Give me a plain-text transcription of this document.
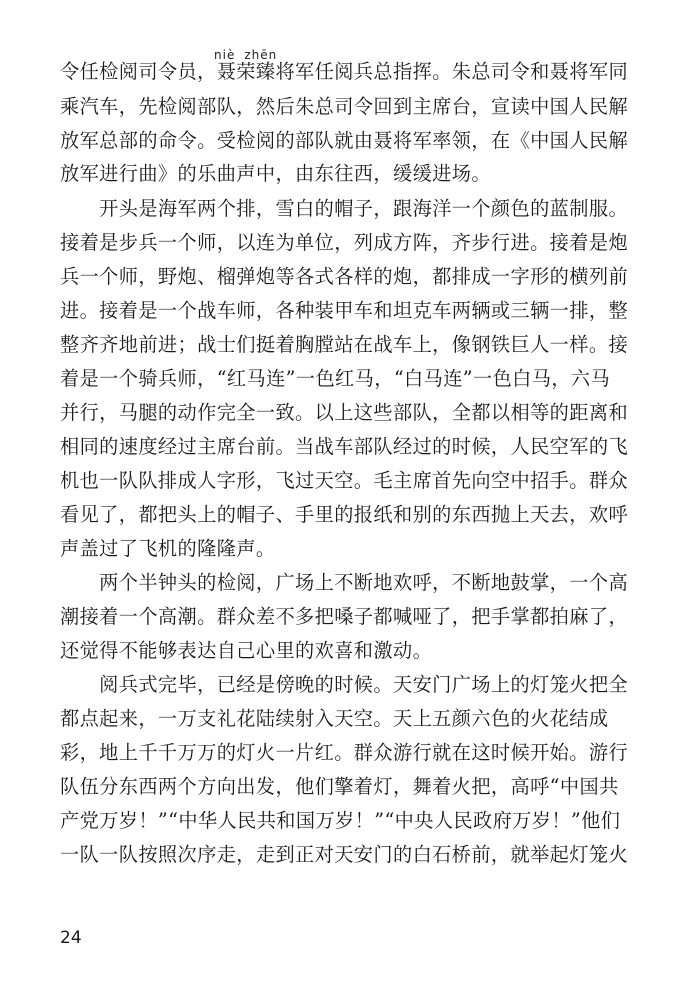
niè zhēn
令任检阅司令员，聂荣臻将军任阅兵总指挥。朱总司令和聂将军同
乘汽车，先检阅部队，然后朱总司令回到主席台，宣读中国人民解
放军总部的命令。受检阅的部队就由聂将军率领，在《中国人民解
放军进行曲》的乐曲声中，由东往西，缓缓进场。
　　开头是海军两个排，雪白的帽子，跟海洋一个颜色的蓝制服。
接着是步兵一个师，以连为单位，列成方阵，齐步行进。接着是炮
兵一个师，野炮、榴弹炮等各式各样的炮，都排成一字形的横列前
进。接着是一个战车师，各种装甲车和坦克车两辆或三辆一排，整
整齐齐地前进；战士们挺着胸膛站在战车上，像钢铁巨人一样。接
着是一个骑兵师，“红马连”一色红马，“白马连”一色白马，六马
并行，马腿的动作完全一致。以上这些部队，全都以相等的距离和
相同的速度经过主席台前。当战车部队经过的时候，人民空军的飞
机也一队队排成人字形，飞过天空。毛主席首先向空中招手。群众
看见了，都把头上的帽子、手里的报纸和别的东西抛上天去，欢呼
声盖过了飞机的隆隆声。
　　两个半钟头的检阅，广场上不断地欢呼，不断地鼓掌，一个高
潮接着一个高潮。群众差不多把嗓子都喊哑了，把手掌都拍麻了，
还觉得不能够表达自己心里的欢喜和激动。
　　阅兵式完毕，已经是傍晚的时候。天安门广场上的灯笼火把全
都点起来，一万支礼花陆续射入天空。天上五颜六色的火花结成
彩，地上千千万万的灯火一片红。群众游行就在这时候开始。游行
队伍分东西两个方向出发，他们擎着灯，舞着火把，高呼“中国共
产党万岁！”“中华人民共和国万岁！”“中央人民政府万岁！”他们
一队一队按照次序走，走到正对天安门的白石桥前，就举起灯笼火
24
